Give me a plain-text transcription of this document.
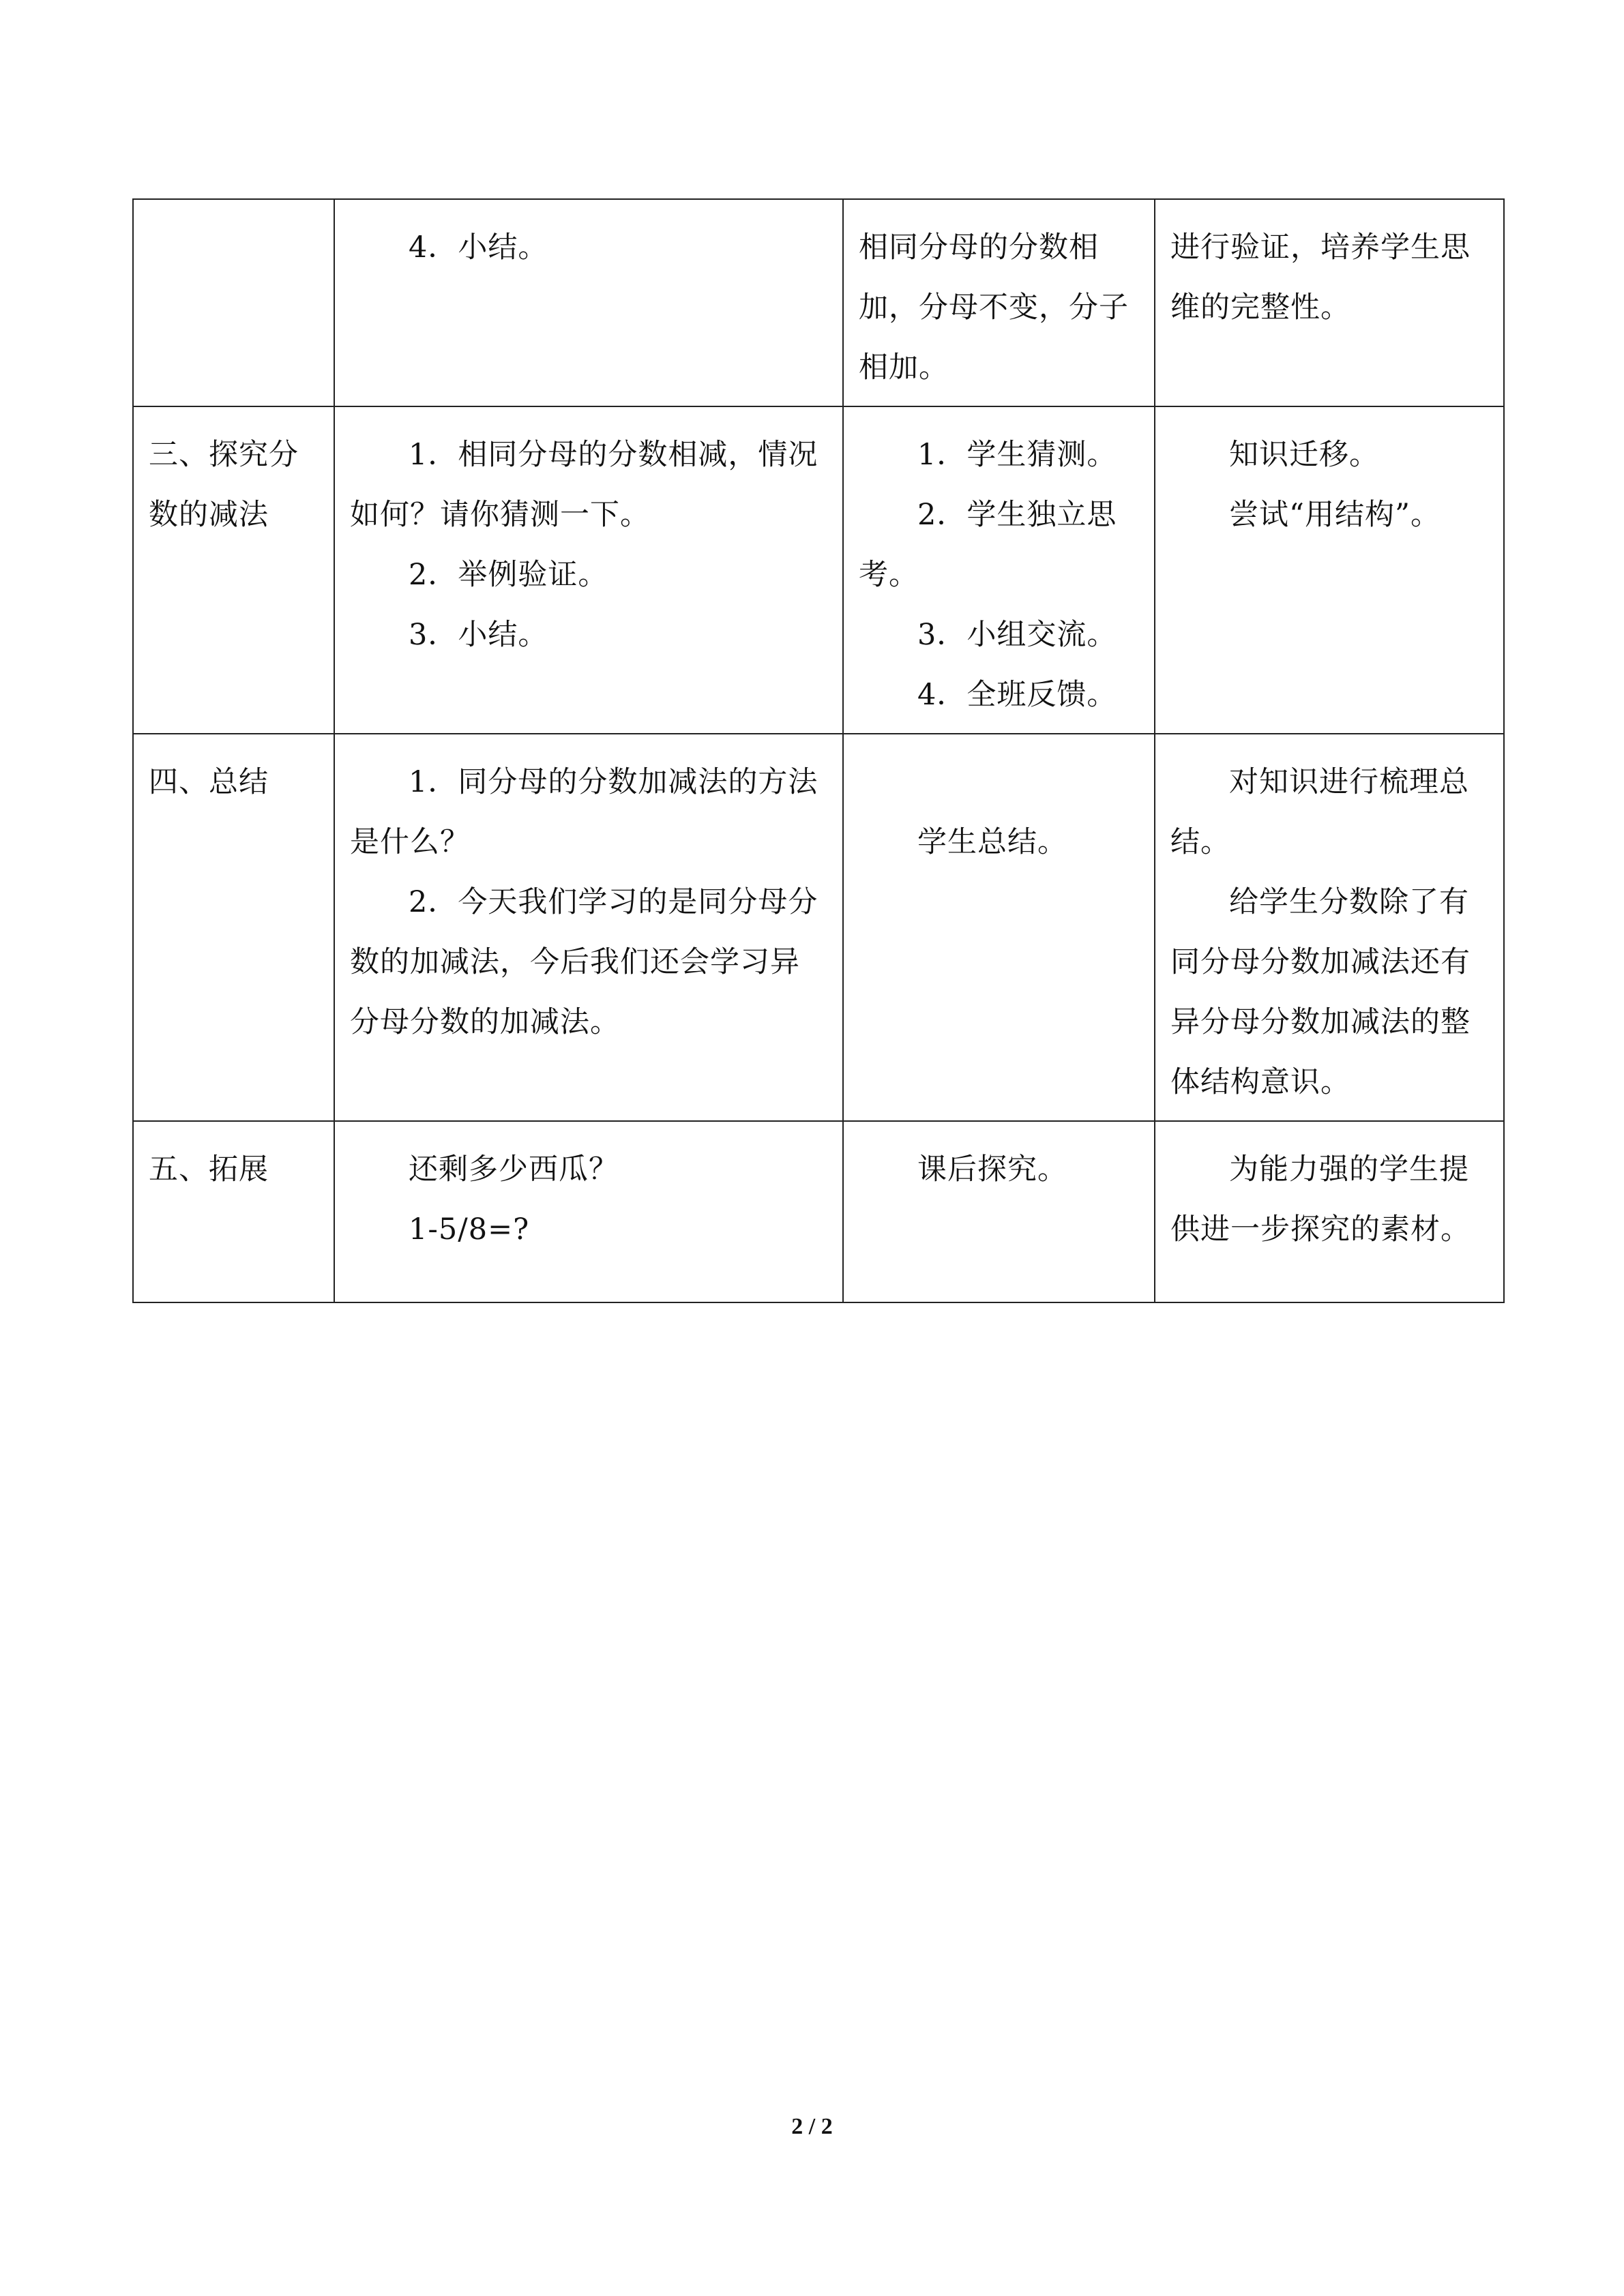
	4．小结。	相同分母的分数相加，分母不变，分子相加。	进行验证，培养学生思维的完整性。

三、探究分数的减法	1．相同分母的分数相减，情况如何？请你猜测一下。
2．举例验证。
3．小结。	1．学生猜测。
2．学生独立思考。
3．小组交流。
4．全班反馈。	知识迁移。
尝试“用结构”。

四、总结	1．同分母的分数加减法的方法是什么？
2．今天我们学习的是同分母分数的加减法，今后我们还会学习异分母分数的加减法。	学生总结。	对知识进行梳理总结。
给学生分数除了有同分母分数加减法还有异分母分数加减法的整体结构意识。

五、拓展	还剩多少西瓜？
1-5/8=?	课后探究。	为能力强的学生提供进一步探究的素材。
2 / 2
